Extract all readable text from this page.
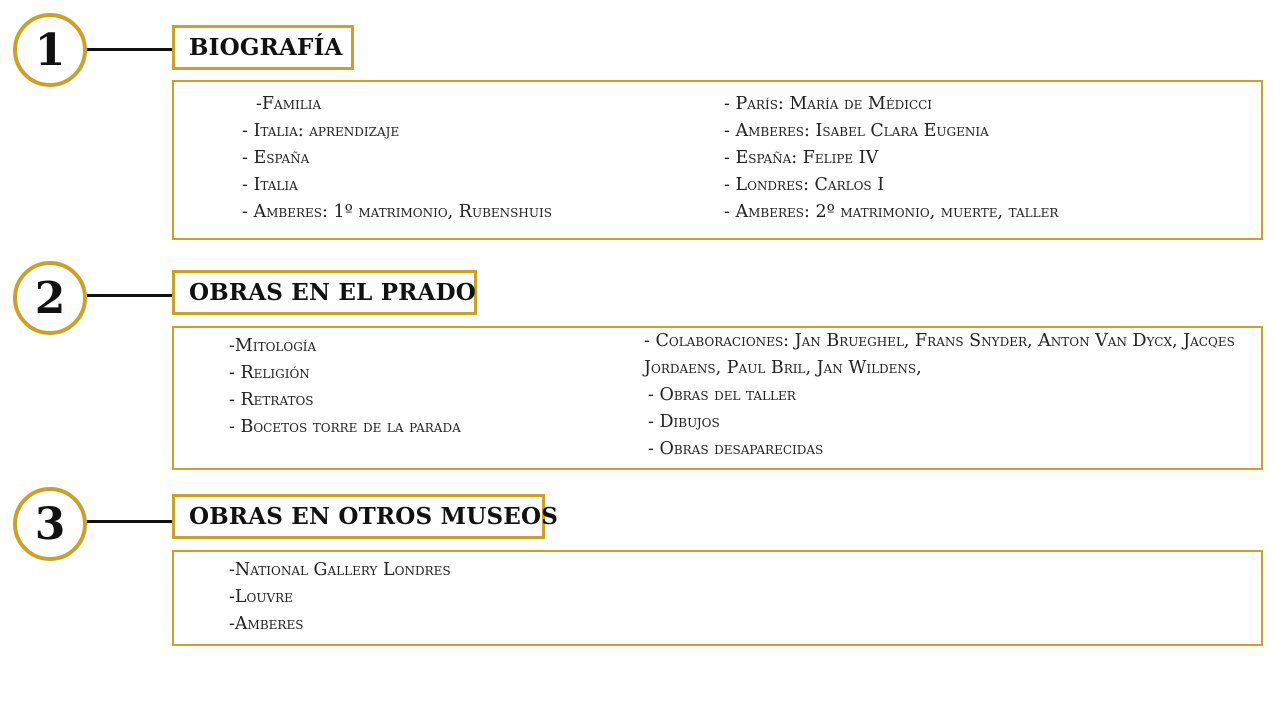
1	BIOGRAFÍA
-Familia
- Italia: aprendizaje
- España
- Italia
- Amberes: 1º matrimonio, Rubenshuis
- París: María de Médicci
- Amberes: Isabel Clara Eugenia
- España: Felipe IV
- Londres: Carlos I
- Amberes: 2º matrimonio, muerte, taller
2	OBRAS EN EL PRADO
-Mitología
- Religión
- Retratos
- Bocetos torre de la parada
- Colaboraciones: Jan Brueghel, Frans Snyder, Anton Van Dycx, Jacqes Jordaens, Paul Bril, Jan Wildens,
- Obras del taller
- Dibujos
- Obras desaparecidas
3	OBRAS EN OTROS MUSEOS
-National Gallery Londres
-Louvre
-Amberes
